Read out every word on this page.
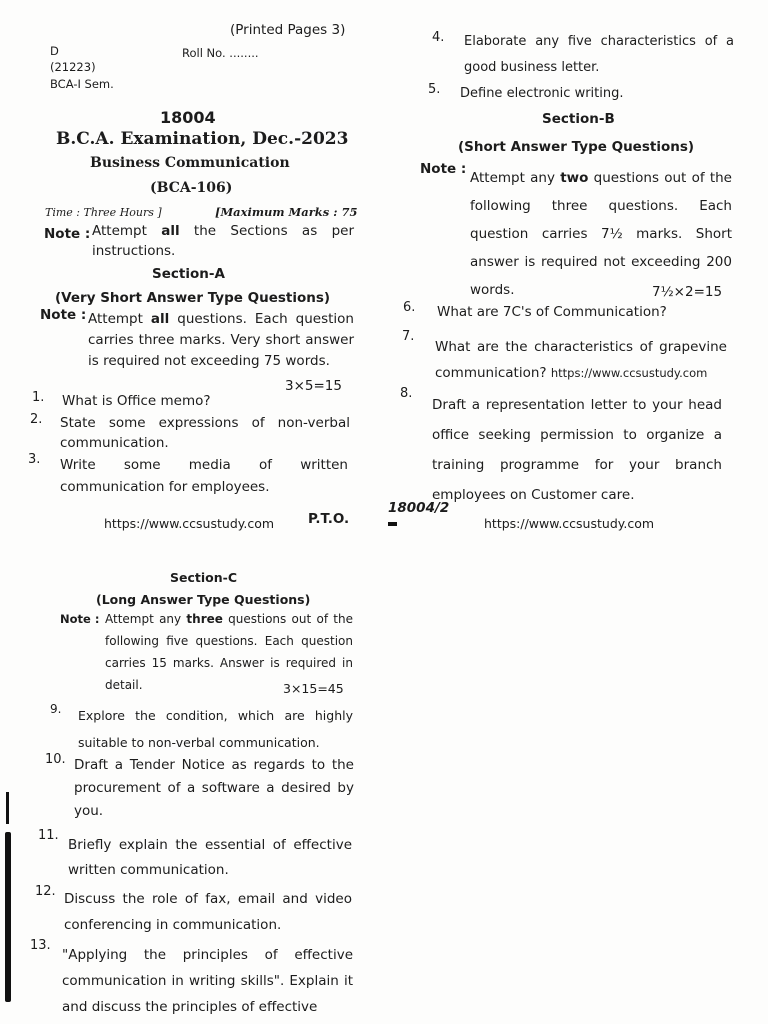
(Printed Pages 3)
D	Roll No. ........
(21223)
BCA-I Sem.
18004
B.C.A. Examination, Dec.-2023
Business Communication
(BCA-106)
Time : Three Hours ]	[Maximum Marks : 75
Note : Attempt all the Sections as per instructions.
Section-A
(Very Short Answer Type Questions)
Note : Attempt all questions. Each question carries three marks. Very short answer is required not exceeding 75 words.
3×5=15
1. What is Office memo?
2. State some expressions of non-verbal communication.
3. Write some media of written communication for employees.
https://www.ccsustudy.com	P.T.O.
4. Elaborate any five characteristics of a good business letter.
5. Define electronic writing.
Section-B
(Short Answer Type Questions)
Note :
Attempt any two questions out of the following three questions. Each question carries 7½ marks. Short answer is required not exceeding 200 words.	7½×2=15
6. What are 7C's of Communication?
7.
What are the characteristics of grapevine communication? https://www.ccsustudy.com
8.
Draft a representation letter to your head office seeking permission to organize a training programme for your branch employees on Customer care.
18004/2
https://www.ccsustudy.com
Section-C
(Long Answer Type Questions)
Note : Attempt any three questions out of the following five questions. Each question carries 15 marks. Answer is required in detail.	3×15=45
9. Explore the condition, which are highly suitable to non-verbal communication.
10. Draft a Tender Notice as regards to the procurement of a software a desired by you.
11.
Briefly explain the essential of effective written communication.
12. Discuss the role of fax, email and video conferencing in communication.
13.
"Applying the principles of effective communication in writing skills". Explain it and discuss the principles of effective
